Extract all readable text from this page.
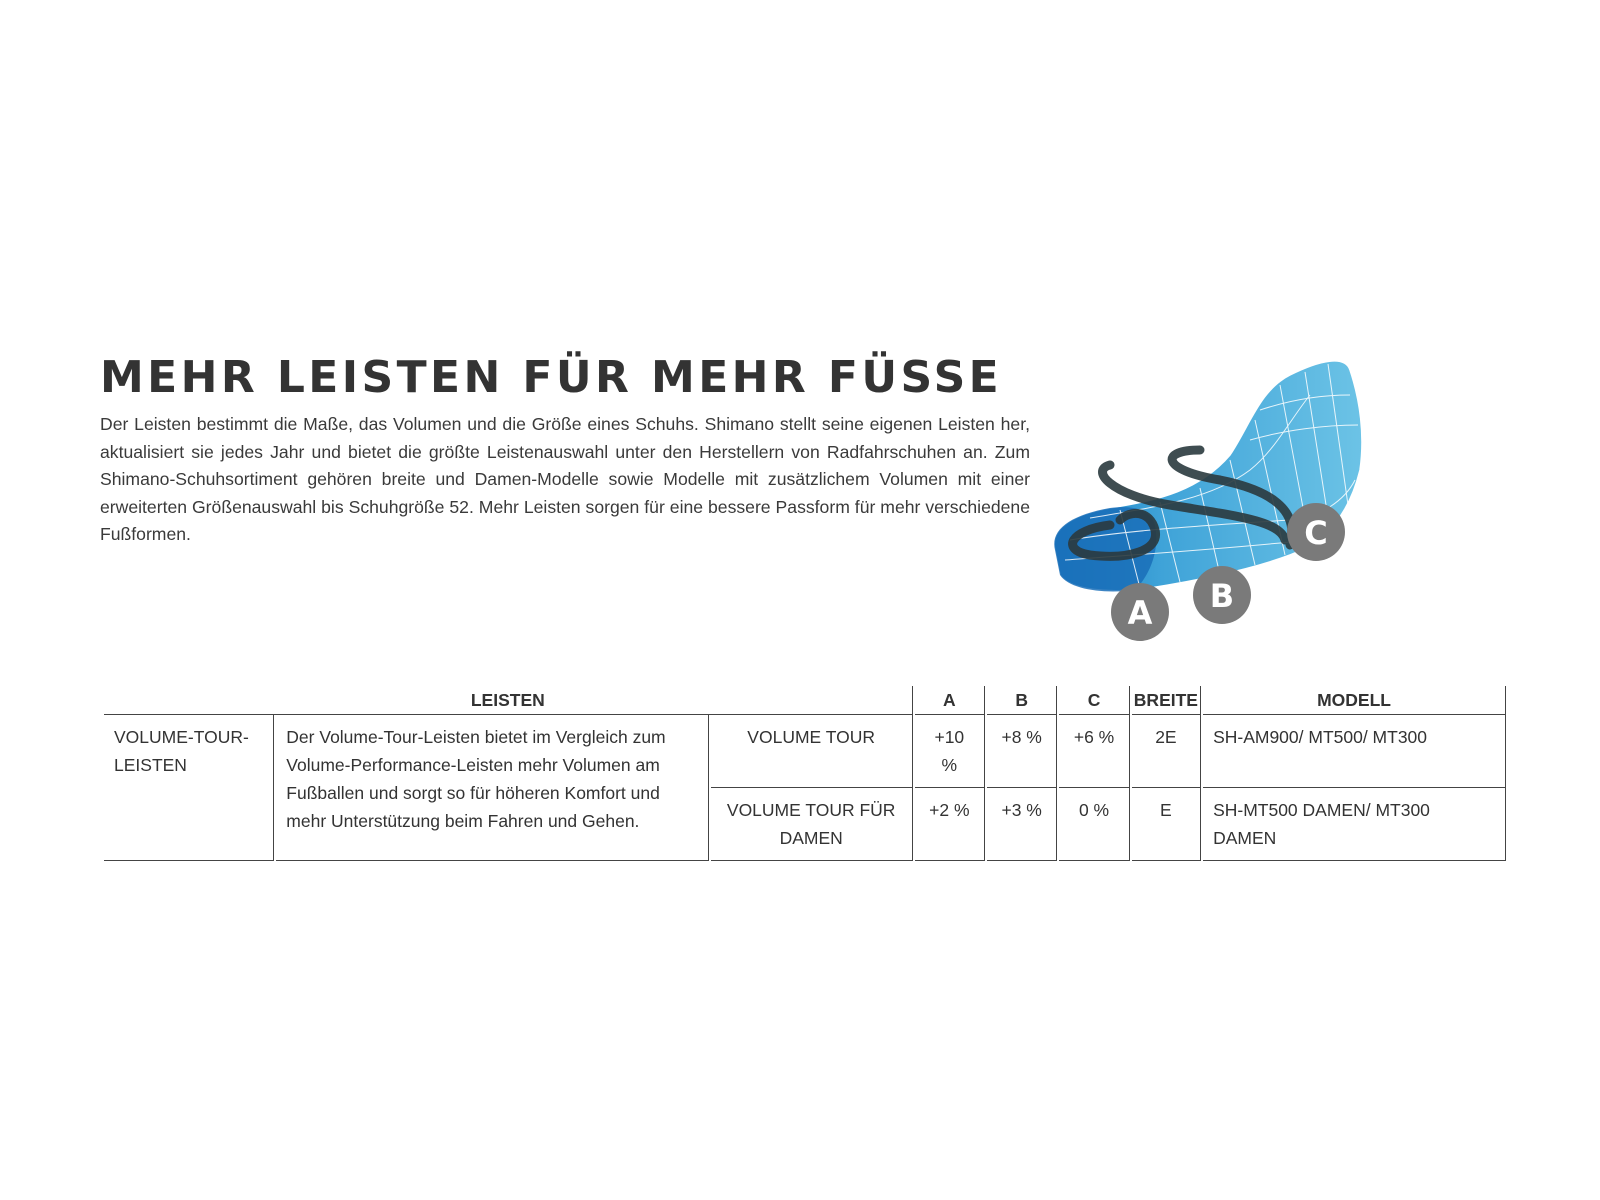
MEHR LEISTEN FÜR MEHR FÜSSE

Der Leisten bestimmt die Maße, das Volumen und die Größe eines Schuhs. Shimano stellt seine eigenen Leisten her, aktualisiert sie jedes Jahr und bietet die größte Leistenauswahl unter den Herstellern von Radfahrschuhen an. Zum Shimano-Schuhsortiment gehören breite und Damen-Modelle sowie Modelle mit zusätzlichem Volumen mit einer erweiterten Größenauswahl bis Schuhgröße 52. Mehr Leisten sorgen für eine bessere Passform für mehr verschiedene Fußformen.

A B
C
LEISTEN			A	B	C	BREITE	MODELL
VOLUME-TOUR-LEISTEN	Der Volume-Tour-Leisten bietet im Vergleich zum Volume-Performance-Leisten mehr Volumen am Fußballen und sorgt so für höheren Komfort und mehr Unterstützung beim Fahren und Gehen.	VOLUME TOUR	+10 %	+8 %	+6 %	2E	SH-AM900/ MT500/ MT300
		VOLUME TOUR FÜR DAMEN	+2 %	+3 %	0 %	E	SH-MT500 DAMEN/ MT300 DAMEN
